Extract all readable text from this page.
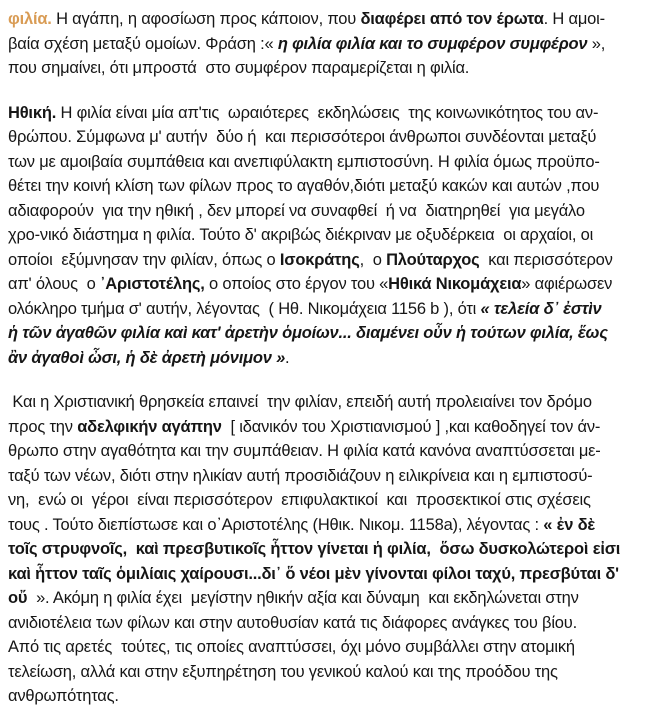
φιλία. Η αγάπη, η αφοσίωση προς κάποιον, που διαφέρει από τον έρωτα. Η αμοι-
βαία σχέση μεταξύ ομοίων. Φράση :« η φιλία φιλία και το συμφέρον συμφέρον »,
που σημαίνει, ότι μπροστά  στο συμφέρον παραμερίζεται η φιλία.

Ηθική. Η φιλία είναι μία απ'τις  ωραιότερες  εκδηλώσεις  της κοινωνικότητος του αν-
θρώπου. Σύμφωνα μ' αυτήν  δύο ή  και περισσότεροι άνθρωποι συνδέονται μεταξύ
των με αμοιβαία συμπάθεια και ανεπιφύλακτη εμπιστοσύνη. Η φιλία όμως προϋπο-
θέτει την κοινή κλίση των φίλων προς το αγαθόν,διότι μεταξύ κακών και αυτών ,που
αδιαφορούν  για την ηθική , δεν μπορεί να συναφθεί  ή να  διατηρηθεί  για μεγάλο
χρο-νικό διάστημα η φιλία. Τούτο δ' ακριβώς διέκριναν με οξυδέρκεια  οι αρχαίοι, οι
οποίοι  εξύμνησαν την φιλίαν, όπως ο Ισοκράτης,  ο Πλούταρχος  και περισσότερον
απ' όλους  ο ᾽Αριστοτέλης, ο οποίος στο έργον του «Ηθικά Νικομάχεια» αφιέρωσεν
ολόκληρο τμήμα σ' αυτήν, λέγοντας  ( Ηθ. Νικομάχεια 1156 b ), ότι « τελεία δ᾽ ἐστὶν
ἡ τῶν ἀγαθῶν φιλία καὶ κατ' ἀρετὴν ὁμοίων... διαμένει οὖν ἡ τούτων φιλία, ἕως
ἂν ἀγαθοὶ ὦσι, ἡ δὲ ἀρετὴ μόνιμον ».

Και η Χριστιανική θρησκεία επαινεί  την φιλίαν, επειδή αυτή προλειαίνει τον δρόμο
προς την αδελφικήν αγάπην  [ ιδανικόν του Χριστιανισμού ] ,και καθοδηγεί τον άν-
θρωπο στην αγαθότητα και την συμπάθειαν. Η φιλία κατά κανόνα αναπτύσσεται με-
ταξύ των νέων, διότι στην ηλικίαν αυτή προσιδιάζουν η ειλικρίνεια και η εμπιστοσύ-
νη,  ενώ οι  γέροι  είναι περισσότερον  επιφυλακτικοί  και  προσεκτικοί στις σχέσεις
τους . Τούτο διεπίστωσε και ο᾽Αριστοτέλης (Ηθικ. Νικομ. 1158a), λέγοντας : « ἐν δὲ
τοῖς στρυφνοῖς,  καὶ πρεσβυτικοῖς ἧττον γίνεται ἡ φιλία,  ὅσω δυσκολώτεροὶ εἰσι
καὶ ἧττον ταῖς ὁμιλίαις χαίρουσι...δι᾽ ὅ νέοι μὲν γίνονται φίλοι ταχύ, πρεσβύται δ'
οὔ  ». Ακόμη η φιλία έχει  μεγίστην ηθικήν αξία και δύναμη  και εκδηλώνεται στην
ανιδιοτέλεια των φίλων και στην αυτοθυσίαν κατά τις διάφορες ανάγκες του βίου.
Από τις αρετές  τούτες, τις οποίες αναπτύσσει, όχι μόνο συμβάλλει στην ατομική
τελείωση, αλλά και στην εξυπηρέτηση του γενικού καλού και της προόδου της
ανθρωπότητας.
